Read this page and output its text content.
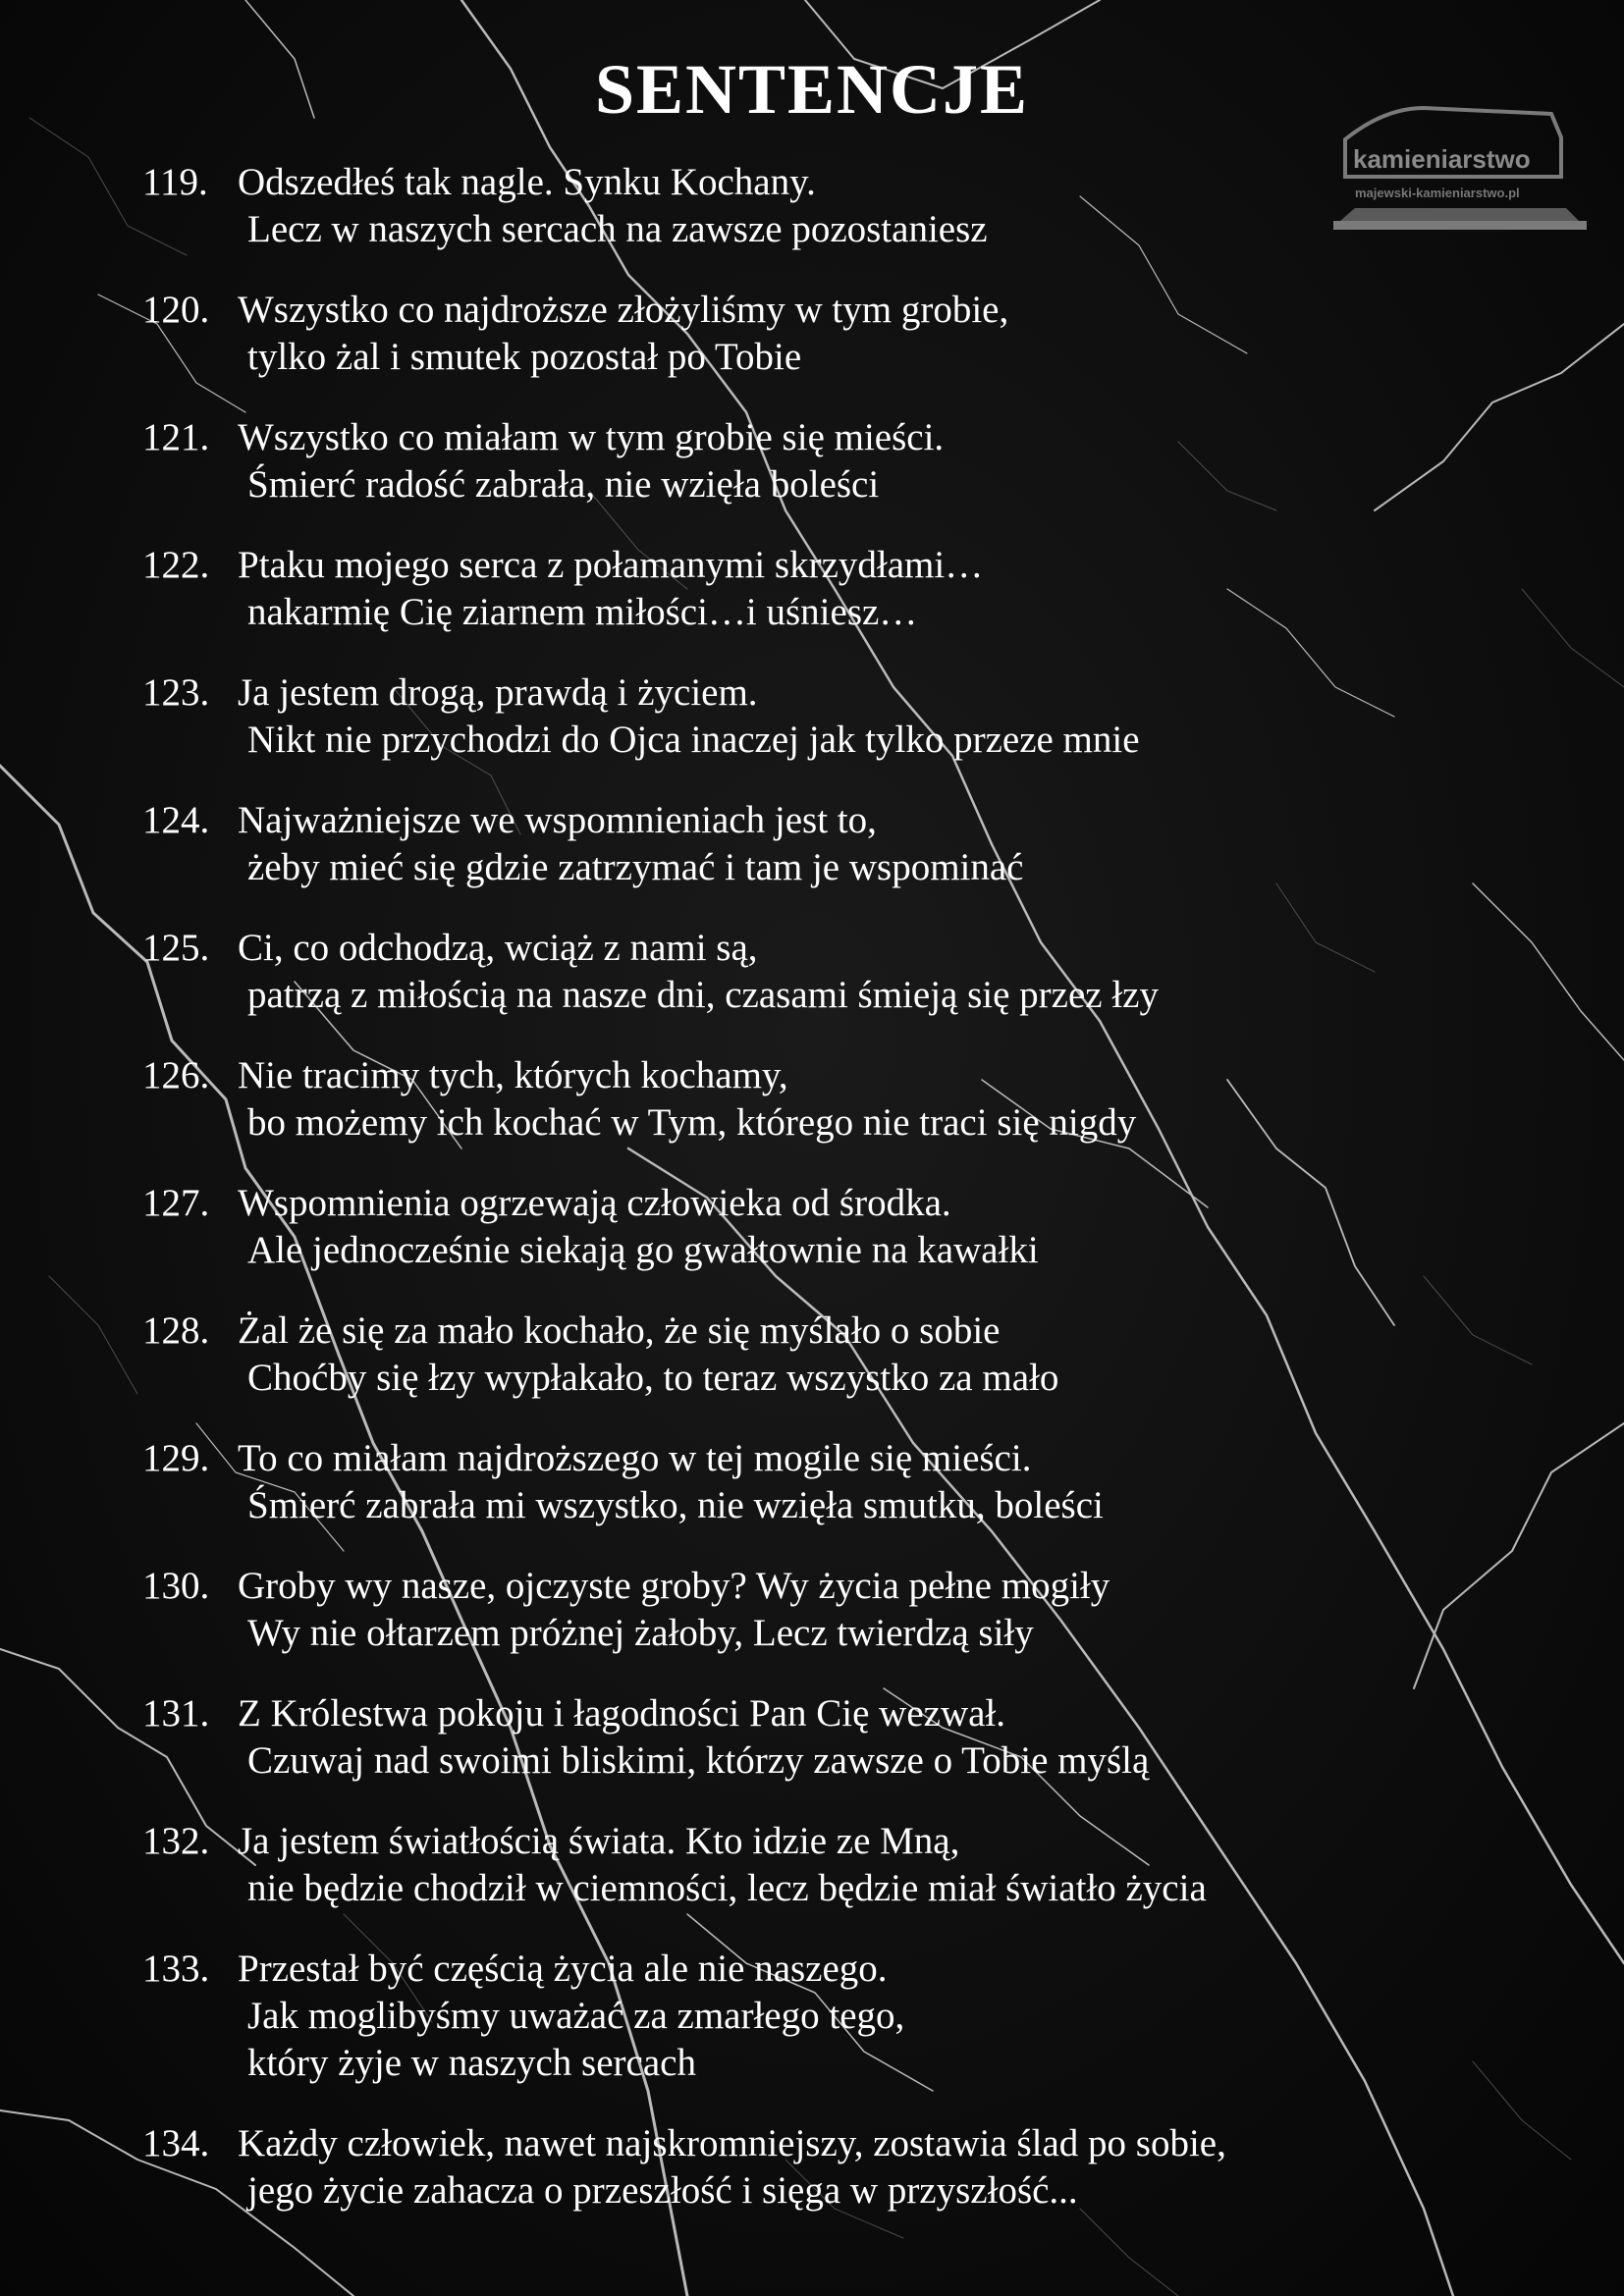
SENTENCJE
kamieniarstwo
majewski-kamieniarstwo.pl
119. Odszedłeś tak nagle. Synku Kochany.
Lecz w naszych sercach na zawsze pozostaniesz
120. Wszystko co najdroższe złożyliśmy w tym grobie,
tylko żal i smutek pozostał po Tobie
121. Wszystko co miałam w tym grobie się mieści.
Śmierć radość zabrała, nie wzięła boleści
122. Ptaku mojego serca z połamanymi skrzydłami…
nakarmię Cię ziarnem miłości…i uśniesz…
123. Ja jestem drogą, prawdą i życiem.
Nikt nie przychodzi do Ojca inaczej jak tylko przeze mnie
124. Najważniejsze we wspomnieniach jest to,
żeby mieć się gdzie zatrzymać i tam je wspominać
125. Ci, co odchodzą, wciąż z nami są,
patrzą z miłością na nasze dni, czasami śmieją się przez łzy
126. Nie tracimy tych, których kochamy,
bo możemy ich kochać w Tym, którego nie traci się nigdy
127. Wspomnienia ogrzewają człowieka od środka.
Ale jednocześnie siekają go gwałtownie na kawałki
128. Żal że się za mało kochało, że się myślało o sobie
Choćby się łzy wypłakało, to teraz wszystko za mało
129. To co miałam najdroższego w tej mogile się mieści.
Śmierć zabrała mi wszystko, nie wzięła smutku, boleści
130. Groby wy nasze, ojczyste groby? Wy życia pełne mogiły
Wy nie ołtarzem próżnej żałoby, Lecz twierdzą siły
131. Z Królestwa pokoju i łagodności Pan Cię wezwał.
Czuwaj nad swoimi bliskimi, którzy zawsze o Tobie myślą
132. Ja jestem światłością świata. Kto idzie ze Mną,
nie będzie chodził w ciemności, lecz będzie miał światło życia
133. Przestał być częścią życia ale nie naszego.
Jak moglibyśmy uważać za zmarłego tego,
który żyje w naszych sercach
134. Każdy człowiek, nawet najskromniejszy, zostawia ślad po sobie,
jego życie zahacza o przeszłość i sięga w przyszłość...
